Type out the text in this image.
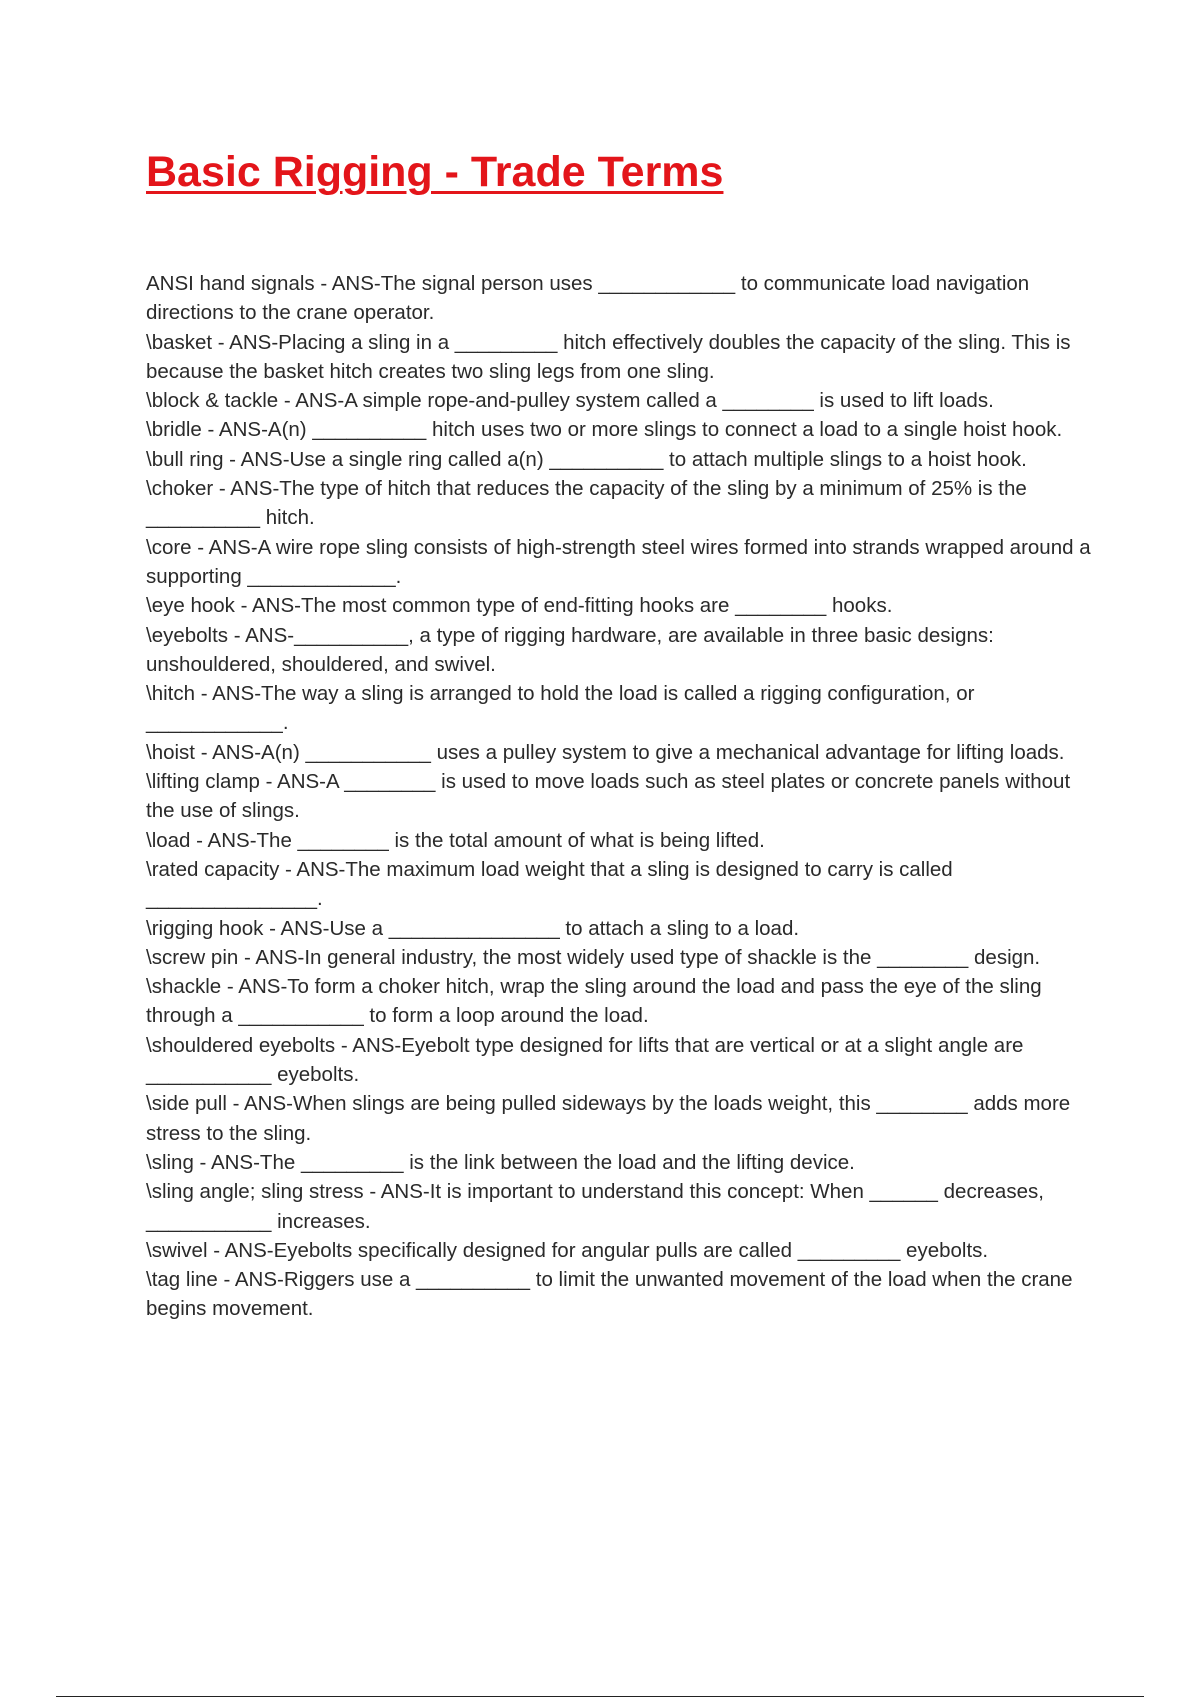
Basic Rigging - Trade Terms

ANSI hand signals - ANS-The signal person uses ____________ to communicate load navigation directions to the crane operator.

\basket - ANS-Placing a sling in a _________ hitch effectively doubles the capacity of the sling. This is because the basket hitch creates two sling legs from one sling.

\block & tackle - ANS-A simple rope-and-pulley system called a ________ is used to lift loads.

\bridle - ANS-A(n) __________ hitch uses two or more slings to connect a load to a single hoist hook.

\bull ring - ANS-Use a single ring called a(n) __________ to attach multiple slings to a hoist hook.

\choker - ANS-The type of hitch that reduces the capacity of the sling by a minimum of 25% is the __________ hitch.

\core - ANS-A wire rope sling consists of high-strength steel wires formed into strands wrapped around a supporting _____________.

\eye hook - ANS-The most common type of end-fitting hooks are ________ hooks.

\eyebolts - ANS-__________, a type of rigging hardware, are available in three basic designs: unshouldered, shouldered, and swivel.

\hitch - ANS-The way a sling is arranged to hold the load is called a rigging configuration, or ____________.

\hoist - ANS-A(n) ___________ uses a pulley system to give a mechanical advantage for lifting loads.

\lifting clamp - ANS-A ________ is used to move loads such as steel plates or concrete panels without the use of slings.

\load - ANS-The ________ is the total amount of what is being lifted.

\rated capacity - ANS-The maximum load weight that a sling is designed to carry is called _______________.

\rigging hook - ANS-Use a _______________ to attach a sling to a load.

\screw pin - ANS-In general industry, the most widely used type of shackle is the ________ design.

\shackle - ANS-To form a choker hitch, wrap the sling around the load and pass the eye of the sling through a ___________ to form a loop around the load.

\shouldered eyebolts - ANS-Eyebolt type designed for lifts that are vertical or at a slight angle are ___________ eyebolts.

\side pull - ANS-When slings are being pulled sideways by the loads weight, this ________ adds more stress to the sling.

\sling - ANS-The _________ is the link between the load and the lifting device.

\sling angle; sling stress - ANS-It is important to understand this concept: When ______ decreases, ___________ increases.

\swivel - ANS-Eyebolts specifically designed for angular pulls are called _________ eyebolts.

\tag line - ANS-Riggers use a __________ to limit the unwanted movement of the load when the crane begins movement.
